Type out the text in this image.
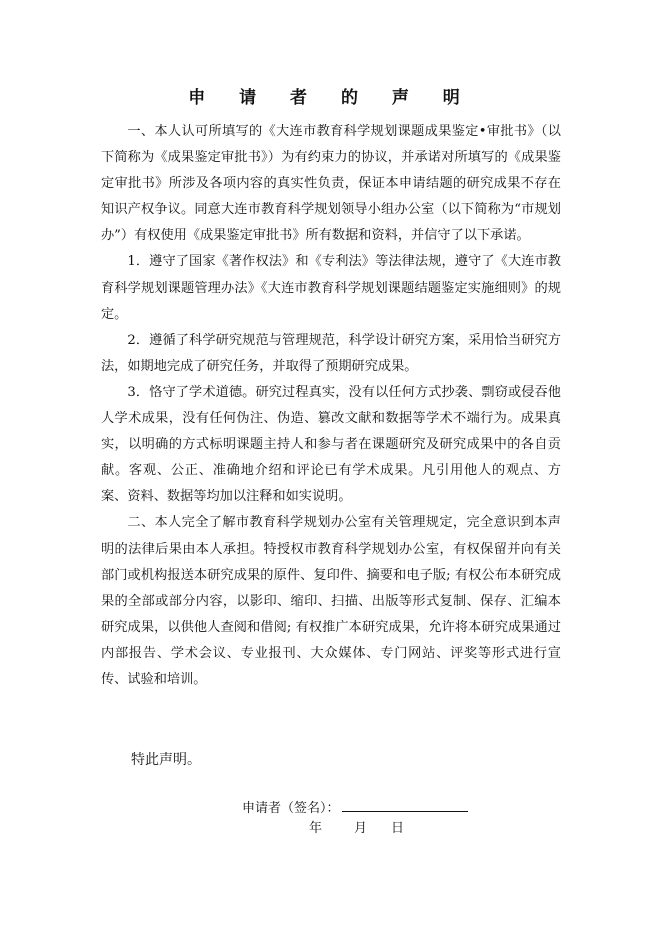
申 请 者 的 声 明

一、本人认可所填写的《大连市教育科学规划课题成果鉴定•审批书》（以下简称为《成果鉴定审批书》）为有约束力的协议，并承诺对所填写的《成果鉴定审批书》所涉及各项内容的真实性负责，保证本申请结题的研究成果不存在知识产权争议。同意大连市教育科学规划领导小组办公室（以下简称为“市规划办”）有权使用《成果鉴定审批书》所有数据和资料，并信守了以下承诺。

1．遵守了国家《著作权法》和《专利法》等法律法规，遵守了《大连市教育科学规划课题管理办法》《大连市教育科学规划课题结题鉴定实施细则》的规定。

2．遵循了科学研究规范与管理规范，科学设计研究方案，采用恰当研究方法，如期地完成了研究任务，并取得了预期研究成果。

3．恪守了学术道德。研究过程真实，没有以任何方式抄袭、剽窃或侵吞他人学术成果，没有任何伪注、伪造、篡改文献和数据等学术不端行为。成果真实，以明确的方式标明课题主持人和参与者在课题研究及研究成果中的各自贡献。客观、公正、准确地介绍和评论已有学术成果。凡引用他人的观点、方案、资料、数据等均加以注释和如实说明。

二、本人完全了解市教育科学规划办公室有关管理规定，完全意识到本声明的法律后果由本人承担。特授权市教育科学规划办公室，有权保留并向有关部门或机构报送本研究成果的原件、复印件、摘要和电子版; 有权公布本研究成果的全部或部分内容，以影印、缩印、扫描、出版等形式复制、保存、汇编本研究成果，以供他人查阅和借阅; 有权推广本研究成果，允许将本研究成果通过内部报告、学术会议、专业报刊、大众媒体、专门网站、评奖等形式进行宣传、试验和培训。

特此声明。
申请者（签名）：
年 月 日
